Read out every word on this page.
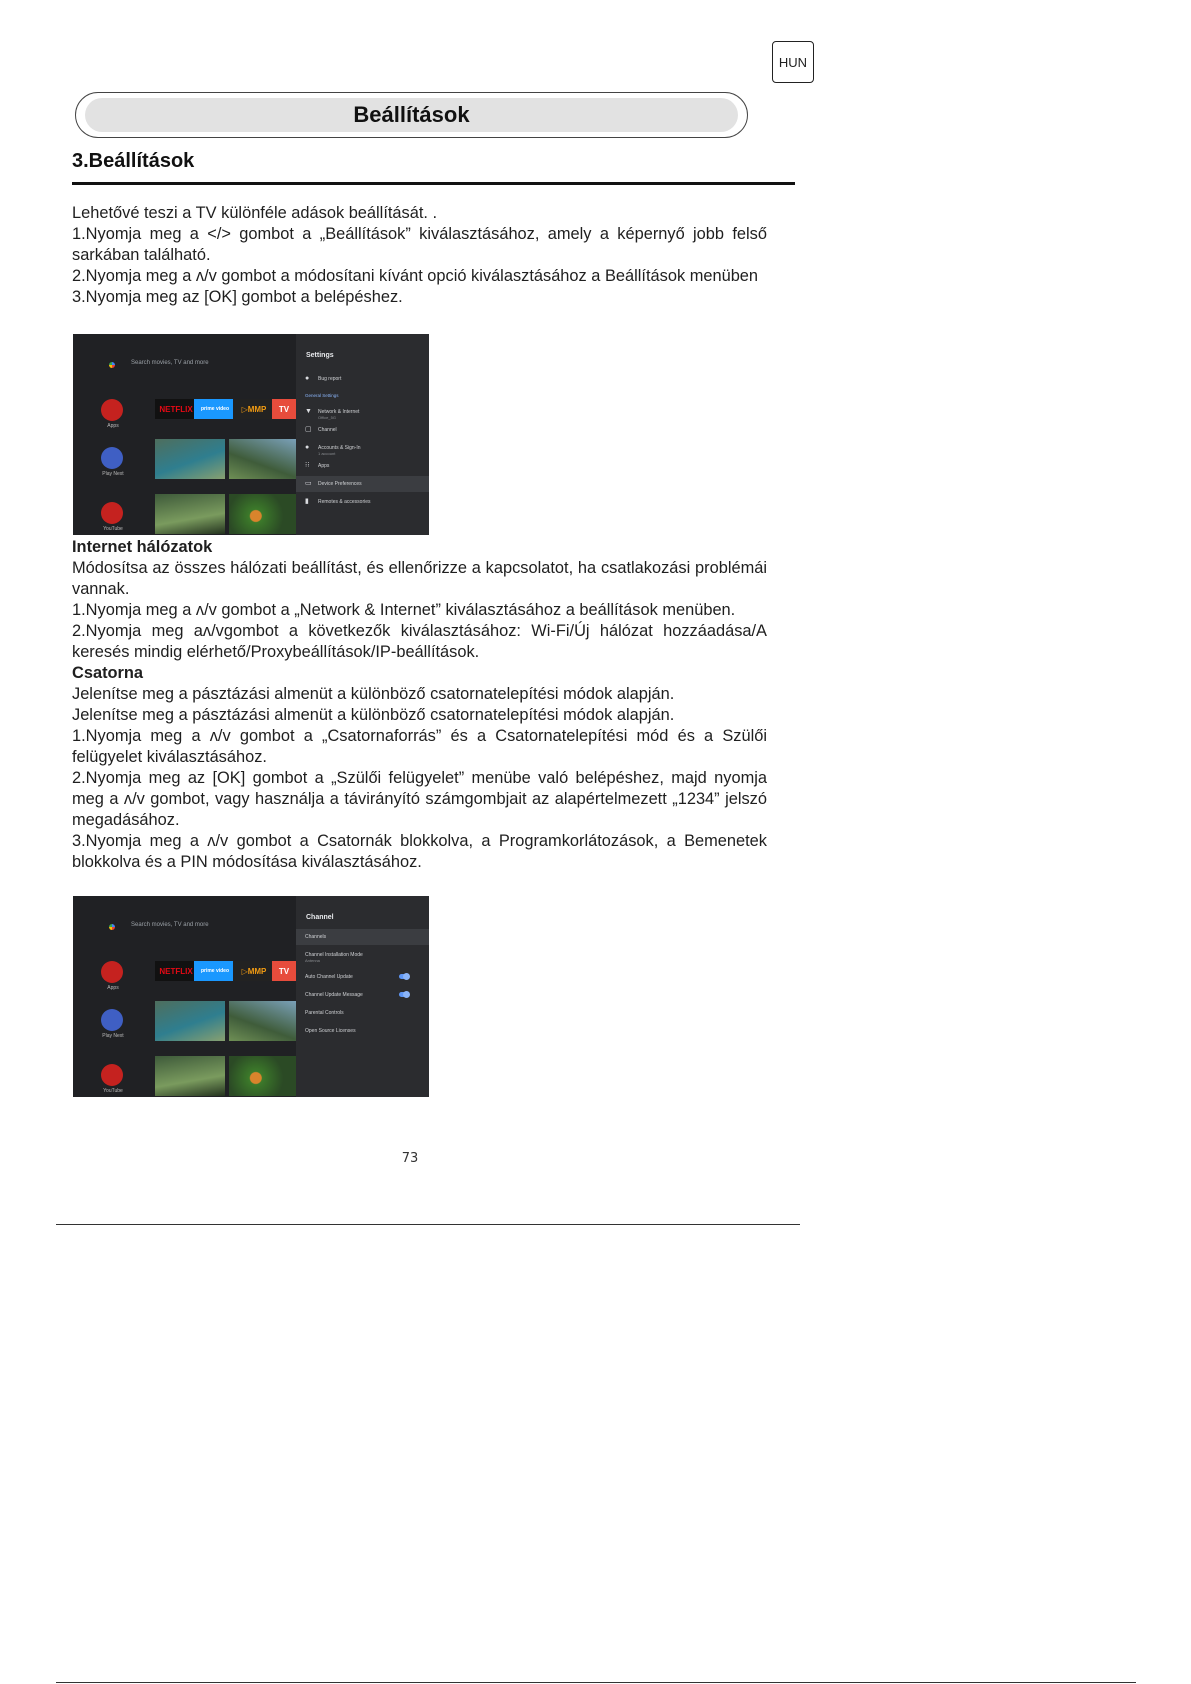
HUN
Beállítások
3.Beállítások

Lehetővé teszi a TV különféle adások beállítását. .

1.Nyomja meg a </> gombot a „Beállítások” kiválasztásához, amely a képernyő jobb felső sarkában található.

2.Nyomja meg a ʌ/v gombot a módosítani kívánt opció kiválasztásához a Beállítások menüben

3.Nyomja meg az [OK] gombot a belépéshez.

Search movies, TV and more
Apps
Play Next
YouTube
NETFLIX	prime video	▷MMP	TV
Settings
●	Bug report
General Settings
▼ Network & Internet
Office_5G
▢ Channel
●	Accounts & Sign-In
1 account
⁝⁝	Apps
▭ Device Preferences
▮	Remotes & accessories

Internet hálózatok

Módosítsa az összes hálózati beállítást, és ellenőrizze a kapcsolatot, ha csatlakozási problémái vannak.

1.Nyomja meg a ʌ/v gombot a „Network & Internet” kiválasztásához a beállítások menüben.

2.Nyomja meg aʌ/vgombot a következők kiválasztásához: Wi-Fi/Új hálózat hozzáadása/A keresés mindig elérhető/Proxybeállítások/IP-beállítások.

Csatorna

Jelenítse meg a pásztázási almenüt a különböző csatornatelepítési módok alapján.

Jelenítse meg a pásztázási almenüt a különböző csatornatelepítési módok alapján.

1.Nyomja meg a ʌ/v gombot a „Csatornaforrás” és a Csatornatelepítési mód és a Szülői felügyelet kiválasztásához.

2.Nyomja meg az [OK] gombot a „Szülői felügyelet” menübe való belépéshez, majd nyomja meg a ʌ/v gombot, vagy használja a távirányító számgombjait az alapértelmezett „1234” jelszó megadásához.

3.Nyomja meg a ʌ/v gombot a Csatornák blokkolva, a Programkorlátozások, a Bemenetek blokkolva és a PIN módosítása kiválasztásához.

Search movies, TV and more
Apps
Play Next
YouTube
NETFLIX	prime video	▷MMP	TV
Channel
Channels
Channel Installation Mode
Antenna
Auto Channel Update
Channel Update Message
Parental Controls
Open Source Licenses
73
